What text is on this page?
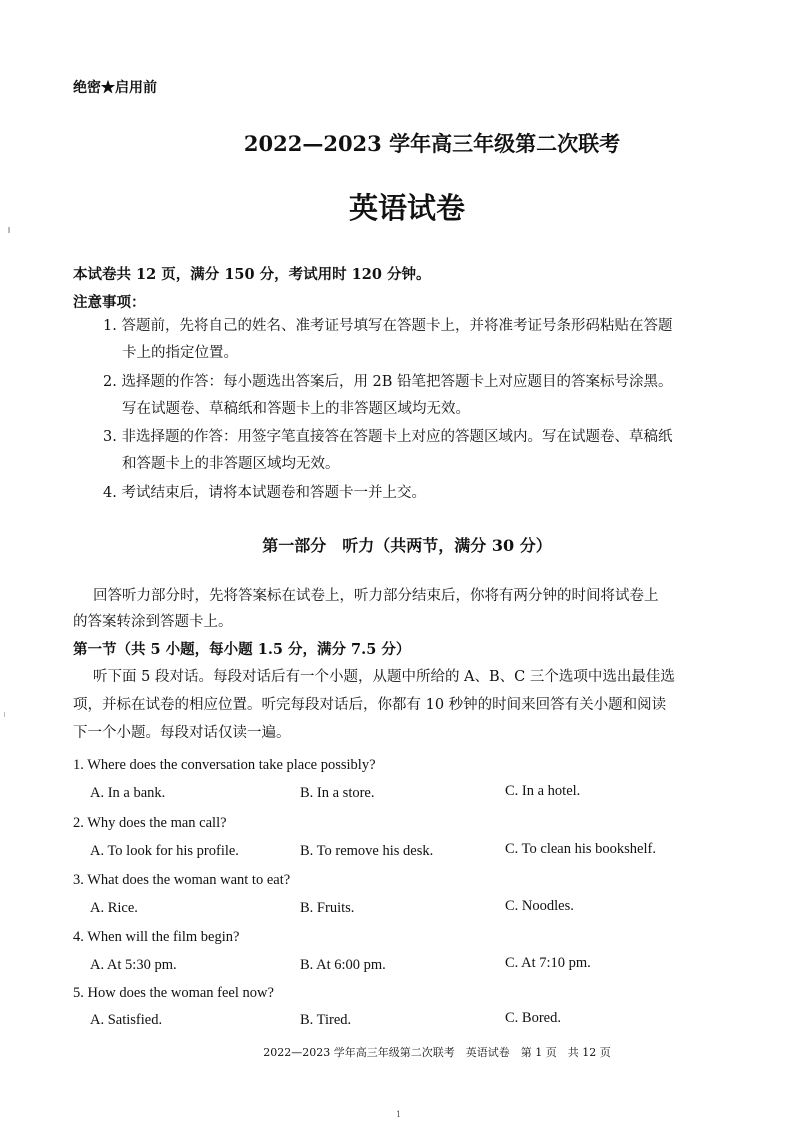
绝密★启用前
2022—2023 学年高三年级第二次联考
英语试卷
本试卷共 12 页，满分 150 分，考试用时 120 分钟。
注意事项：
1. 答题前，先将自己的姓名、准考证号填写在答题卡上，并将准考证号条形码粘贴在答题
卡上的指定位置。
2. 选择题的作答：每小题选出答案后，用 2B 铅笔把答题卡上对应题目的答案标号涂黑。
写在试题卷、草稿纸和答题卡上的非答题区域均无效。
3. 非选择题的作答：用签字笔直接答在答题卡上对应的答题区域内。写在试题卷、草稿纸
和答题卡上的非答题区域均无效。
4. 考试结束后，请将本试题卷和答题卡一并上交。
第一部分　听力（共两节，满分 30 分）
回答听力部分时，先将答案标在试卷上，听力部分结束后，你将有两分钟的时间将试卷上
的答案转涂到答题卡上。
第一节（共 5 小题，每小题 1.5 分，满分 7.5 分）
听下面 5 段对话。每段对话后有一个小题，从题中所给的 A、B、C 三个选项中选出最佳选
项，并标在试卷的相应位置。听完每段对话后，你都有 10 秒钟的时间来回答有关小题和阅读
下一个小题。每段对话仅读一遍。
1. Where does the conversation take place possibly?
A. In a bank.	B. In a store.	C. In a hotel.
2. Why does the man call?
A. To look for his profile.	B. To remove his desk.	C. To clean his bookshelf.
3. What does the woman want to eat?
A. Rice.	B. Fruits.	C. Noodles.
4. When will the film begin?
A. At 5:30 pm.	B. At 6:00 pm.	C. At 7:10 pm.
5. How does the woman feel now?
A. Satisfied.	B. Tired.	C. Bored.
2022—2023 学年高三年级第二次联考　英语试卷　第 1 页　共 12 页
1
